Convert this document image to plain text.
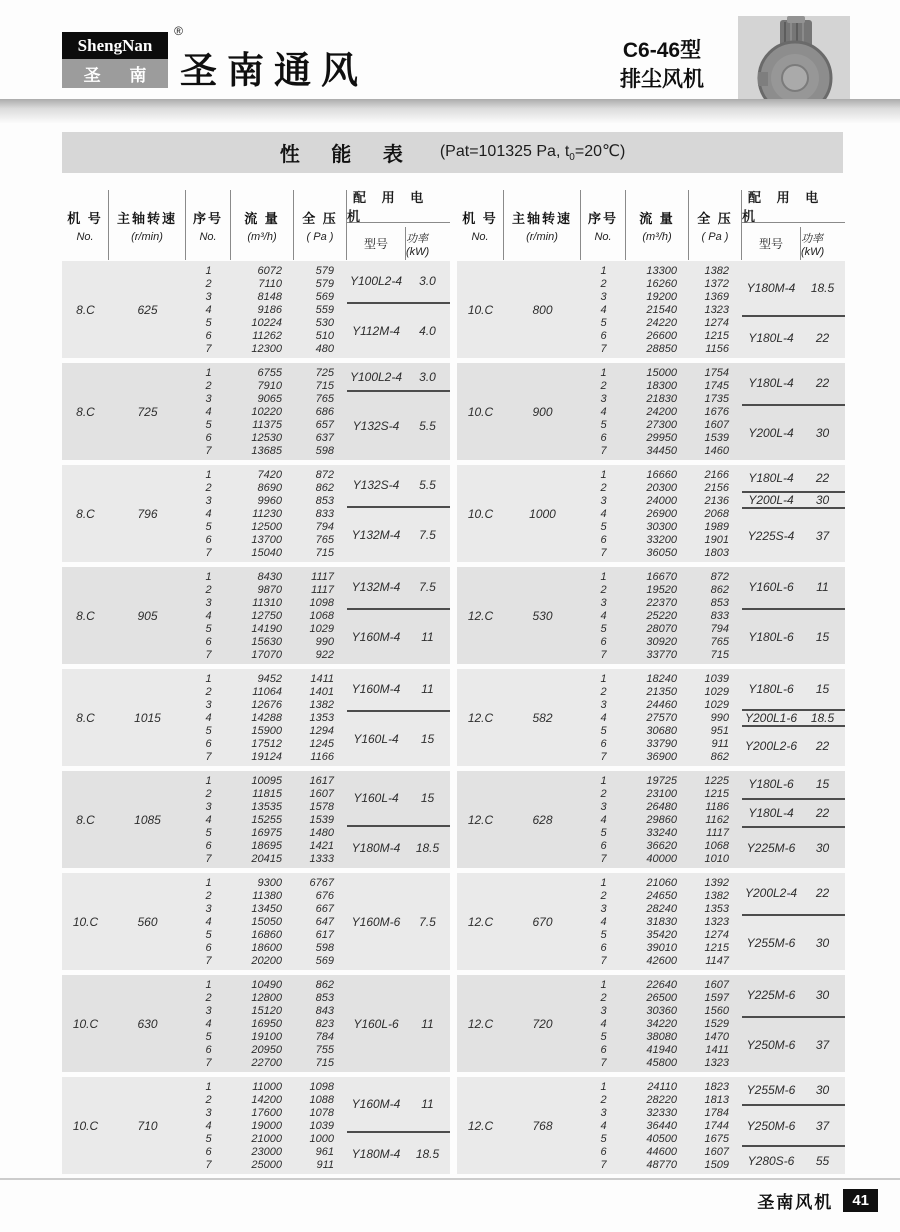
ShengNan
圣 南
®
圣南通风	C6-46型
排尘风机
性 能 表 (Pat=101325 Pa, $t_0=20℃$)
机 号
No.
主轴转速
(r/min)
序号
No.
流 量
(m³/h)
全 压
( Pa )
配 用 电 机
型号	功率(kW)
8.C	625
1	6072	579
2	7110	579
3	8148	569
4	9186	559
5	10224	530
6	11262	510
7	12300	480
Y100L2-4	3.0
Y112M-4	4.0
8.C	725
1	6755	725
2	7910	715
3	9065	765
4	10220	686
5	11375	657
6	12530	637
7	13685	598
Y100L2-4	3.0
Y132S-4	5.5
8.C	796
1	7420	872
2	8690	862
3	9960	853
4	11230	833
5	12500	794
6	13700	765
7	15040	715
Y132S-4	5.5
Y132M-4	7.5
8.C	905
1	8430	1117
2	9870	1117
3	11310	1098
4	12750	1068
5	14190	1029
6	15630	990
7	17070	922
Y132M-4	7.5
Y160M-4	11
8.C	1015
1	9452	1411
2	11064	1401
3	12676	1382
4	14288	1353
5	15900	1294
6	17512	1245
7	19124	1166
Y160M-4	11
Y160L-4	15
8.C	1085
1	10095	1617
2	11815	1607
3	13535	1578
4	15255	1539
5	16975	1480
6	18695	1421
7	20415	1333
Y160L-4	15
Y180M-4	18.5
10.C	560
1	9300	6767
2	11380	676
3	13450	667
4	15050	647
5	16860	617
6	18600	598
7	20200	569
Y160M-6	7.5
10.C	630
1	10490	862
2	12800	853
3	15120	843
4	16950	823
5	19100	784
6	20950	755
7	22700	715
Y160L-6	11
10.C	710
1	11000	1098
2	14200	1088
3	17600	1078
4	19000	1039
5	21000	1000
6	23000	961
7	25000	911
Y160M-4	11
Y180M-4	18.5
机 号
No.
主轴转速
(r/min)
序号
No.
流 量
(m³/h)
全 压
( Pa )
配 用 电 机
型号	功率(kW)
10.C	800
1	13300	1382
2	16260	1372
3	19200	1369
4	21540	1323
5	24220	1274
6	26600	1215
7	28850	1156
Y180M-4	18.5
Y180L-4	22
10.C	900
1	15000	1754
2	18300	1745
3	21830	1735
4	24200	1676
5	27300	1607
6	29950	1539
7	34450	1460
Y180L-4	22
Y200L-4	30
10.C	1000
1	16660	2166
2	20300	2156
3	24000	2136
4	26900	2068
5	30300	1989
6	33200	1901
7	36050	1803
Y180L-4	22
Y200L-4	30
Y225S-4	37
12.C	530
1	16670	872
2	19520	862
3	22370	853
4	25220	833
5	28070	794
6	30920	765
7	33770	715
Y160L-6	11
Y180L-6	15
12.C	582
1	18240	1039
2	21350	1029
3	24460	1029
4	27570	990
5	30680	951
6	33790	911
7	36900	862
Y180L-6	15
Y200L1-6	18.5
Y200L2-6	22
12.C	628
1	19725	1225
2	23100	1215
3	26480	1186
4	29860	1162
5	33240	1117
6	36620	1068
7	40000	1010
Y180L-6	15
Y180L-4	22
Y225M-6	30
12.C	670
1	21060	1392
2	24650	1382
3	28240	1353
4	31830	1323
5	35420	1274
6	39010	1215
7	42600	1147
Y200L2-4	22
Y255M-6	30
12.C	720
1	22640	1607
2	26500	1597
3	30360	1560
4	34220	1529
5	38080	1470
6	41940	1411
7	45800	1323
Y225M-6	30
Y250M-6	37
12.C	768
1	24110	1823
2	28220	1813
3	32330	1784
4	36440	1744
5	40500	1675
6	44600	1607
7	48770	1509
Y255M-6	30
Y250M-6	37
Y280S-6	55
圣南风机	41
